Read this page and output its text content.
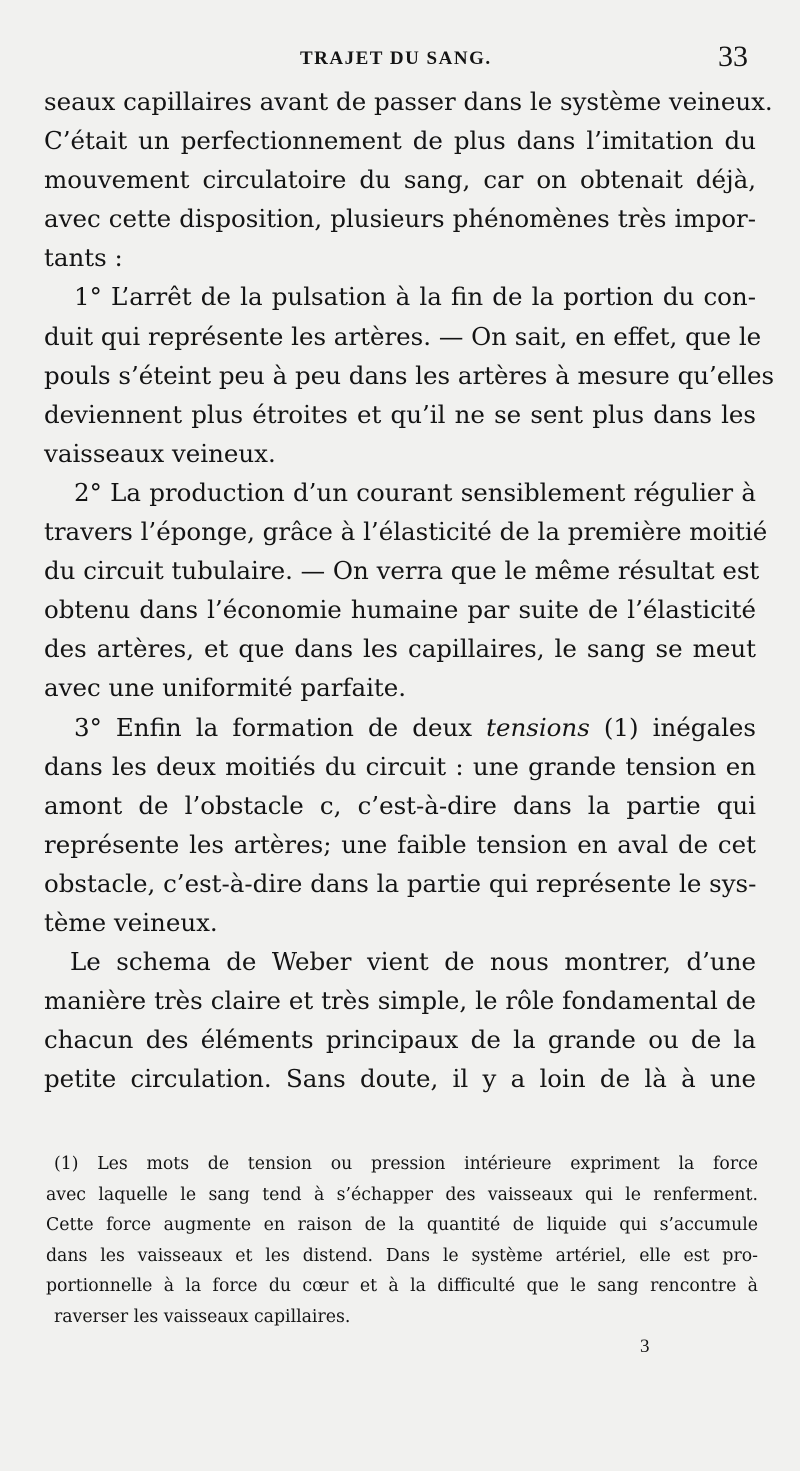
TRAJET DU SANG.	33
seaux capillaires avant de passer dans le système veineux.
C’était un perfectionnement de plus dans l’imitation du
mouvement circulatoire du sang, car on obtenait déjà,
avec cette disposition, plusieurs phénomènes très impor-
tants :
1° L’arrêt de la pulsation à la fin de la portion du con-
duit qui représente les artères. — On sait, en effet, que le
pouls s’éteint peu à peu dans les artères à mesure qu’elles
deviennent plus étroites et qu’il ne se sent plus dans les
vaisseaux veineux.
2° La production d’un courant sensiblement régulier à
travers l’éponge, grâce à l’élasticité de la première moitié
du circuit tubulaire. — On verra que le même résultat est
obtenu dans l’économie humaine par suite de l’élasticité
des artères, et que dans les capillaires, le sang se meut
avec une uniformité parfaite.
3° Enfin la formation de deux tensions (1) inégales
dans les deux moitiés du circuit : une grande tension en
amont de l’obstacle c, c’est-à-dire dans la partie qui
représente les artères; une faible tension en aval de cet
obstacle, c’est-à-dire dans la partie qui représente le sys-
tème veineux.
Le schema de Weber vient de nous montrer, d’une
manière très claire et très simple, le rôle fondamental de
chacun des éléments principaux de la grande ou de la
petite circulation. Sans doute, il y a loin de là à une
(1) Les mots de tension ou pression intérieure expriment la force
avec laquelle le sang tend à s’échapper des vaisseaux qui le renferment.
Cette force augmente en raison de la quantité de liquide qui s’accumule
dans les vaisseaux et les distend. Dans le système artériel, elle est pro-
portionnelle à la force du cœur et à la difficulté que le sang rencontre à
raverser les vaisseaux capillaires.
3
